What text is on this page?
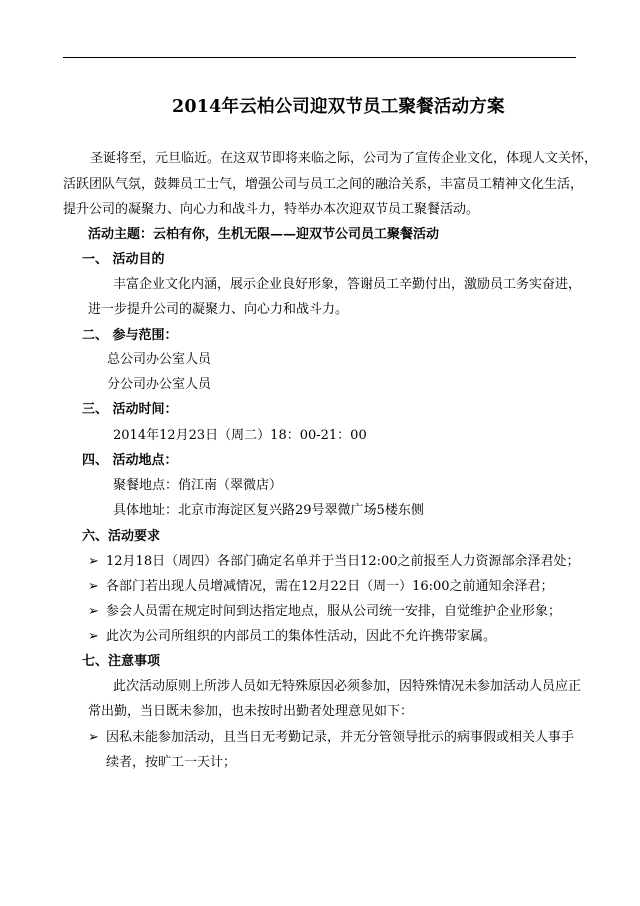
2014年云柏公司迎双节员工聚餐活动方案
圣诞将至，元旦临近。在这双节即将来临之际，公司为了宣传企业文化，体现人文关怀，
活跃团队气氛，鼓舞员工士气，增强公司与员工之间的融洽关系，丰富员工精神文化生活，
提升公司的凝聚力、向心力和战斗力，特举办本次迎双节员工聚餐活动。
活动主题：云柏有你，生机无限——迎双节公司员工聚餐活动
一、 活动目的
丰富企业文化内涵，展示企业良好形象，答谢员工辛勤付出，激励员工务实奋进，
进一步提升公司的凝聚力、向心力和战斗力。
二、 参与范围：
总公司办公室人员
分公司办公室人员
三、 活动时间：
2014年12月23日（周二）18：00-21：00
四、 活动地点：
聚餐地点：俏江南（翠微店）
具体地址：北京市海淀区复兴路29号翠微广场5楼东侧
六、活动要求
➢ 12月18日（周四）各部门确定名单并于当日12:00之前报至人力资源部余泽君处；
➢ 各部门若出现人员增减情况，需在12月22日（周一）16:00之前通知余泽君；
➢ 参会人员需在规定时间到达指定地点，服从公司统一安排，自觉维护企业形象；
➢ 此次为公司所组织的内部员工的集体性活动，因此不允许携带家属。
七、注意事项
此次活动原则上所涉人员如无特殊原因必须参加，因特殊情况未参加活动人员应正
常出勤，当日既未参加，也未按时出勤者处理意见如下：
➢ 因私未能参加活动，且当日无考勤记录，并无分管领导批示的病事假或相关人事手
续者，按旷工一天计；
